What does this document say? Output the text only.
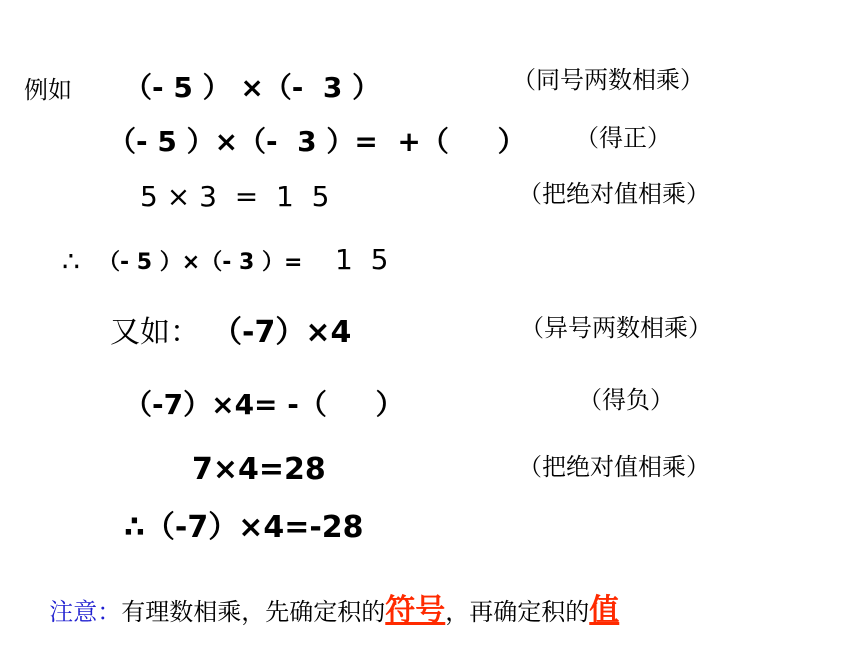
例如 （- 5 ） ×（-  3 ）	（同号两数相乘）
（- 5 ）×（-  3 ）=  +（     ） （得正）
5 × 3  =  1  5	（把绝对值相乘）
∴ （- 5 ）×（- 3 ）= 1  5
又如： （-7）×4	（异号两数相乘）
（-7）×4= -（     ）	（得负）
7×4=28	（把绝对值相乘）
∴（-7）×4=-28

注意：有理数相乘，先确定积的符号，再确定积的值
